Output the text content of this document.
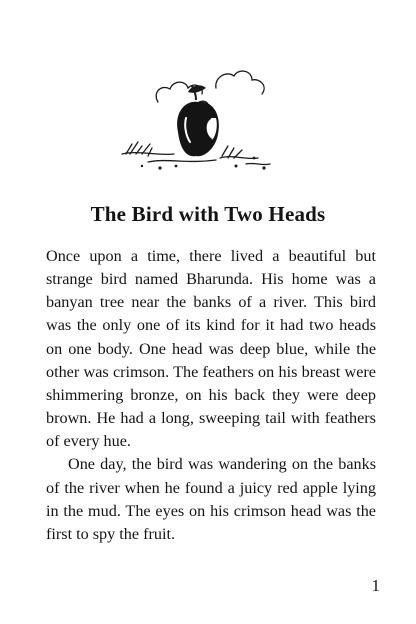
The Bird with Two Heads

Once upon a time, there lived a beautiful but strange bird named Bharunda. His home was a banyan tree near the banks of a river. This bird was the only one of its kind for it had two heads on one body. One head was deep blue, while the other was crimson. The feathers on his breast were shimmering bronze, on his back they were deep brown. He had a long, sweeping tail with feathers of every hue.

One day, the bird was wandering on the banks of the river when he found a juicy red apple lying in the mud. The eyes on his crimson head was the first to spy the fruit.

1
